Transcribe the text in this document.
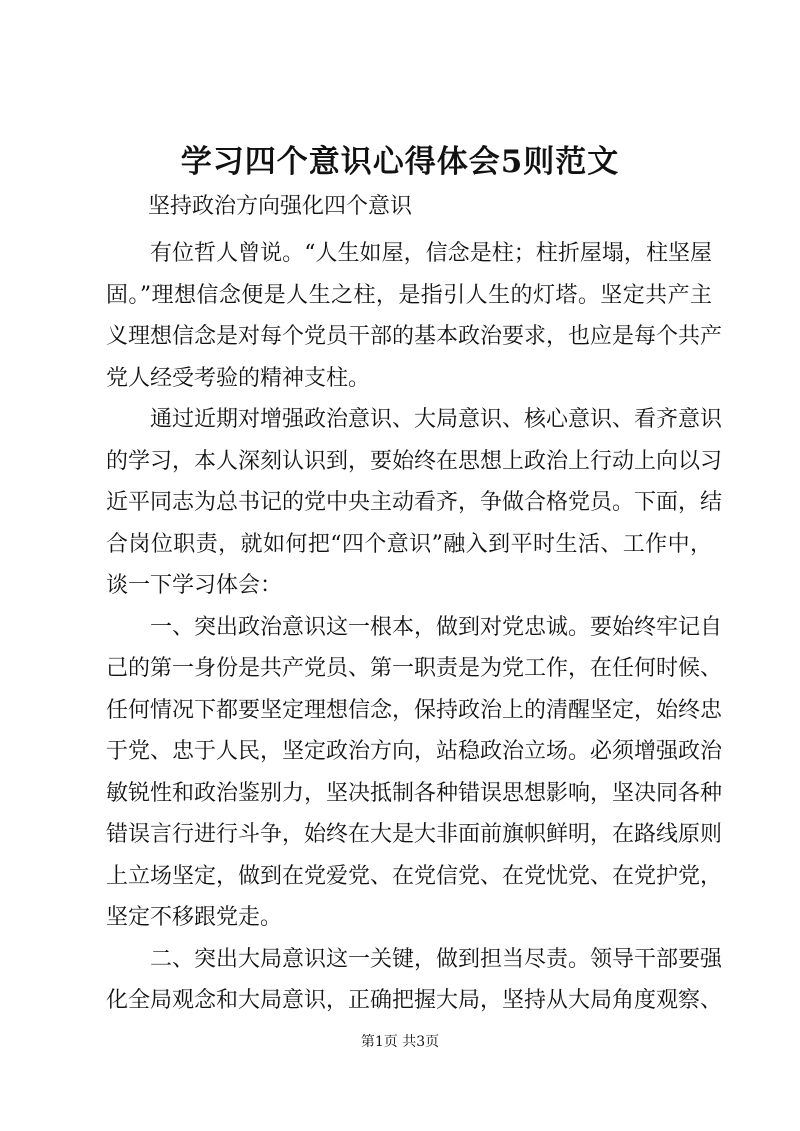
学习四个意识心得体会5则范文

坚持政治方向强化四个意识

有位哲人曾说。“人生如屋，信念是柱；柱折屋塌，柱坚屋
固。”理想信念便是人生之柱，是指引人生的灯塔。坚定共产主
义理想信念是对每个党员干部的基本政治要求，也应是每个共产
党人经受考验的精神支柱。
通过近期对增强政治意识、大局意识、核心意识、看齐意识
的学习，本人深刻认识到，要始终在思想上政治上行动上向以习
近平同志为总书记的党中央主动看齐，争做合格党员。下面，结
合岗位职责，就如何把“四个意识”融入到平时生活、工作中，
谈一下学习体会：
一、突出政治意识这一根本，做到对党忠诚。要始终牢记自
己的第一身份是共产党员、第一职责是为党工作，在任何时候、
任何情况下都要坚定理想信念，保持政治上的清醒坚定，始终忠
于党、忠于人民，坚定政治方向，站稳政治立场。必须增强政治
敏锐性和政治鉴别力，坚决抵制各种错误思想影响，坚决同各种
错误言行进行斗争，始终在大是大非面前旗帜鲜明，在路线原则
上立场坚定，做到在党爱党、在党信党、在党忧党、在党护党，
坚定不移跟党走。
二、突出大局意识这一关键，做到担当尽责。领导干部要强
化全局观念和大局意识，正确把握大局，坚持从大局角度观察、

第1页 共3页
